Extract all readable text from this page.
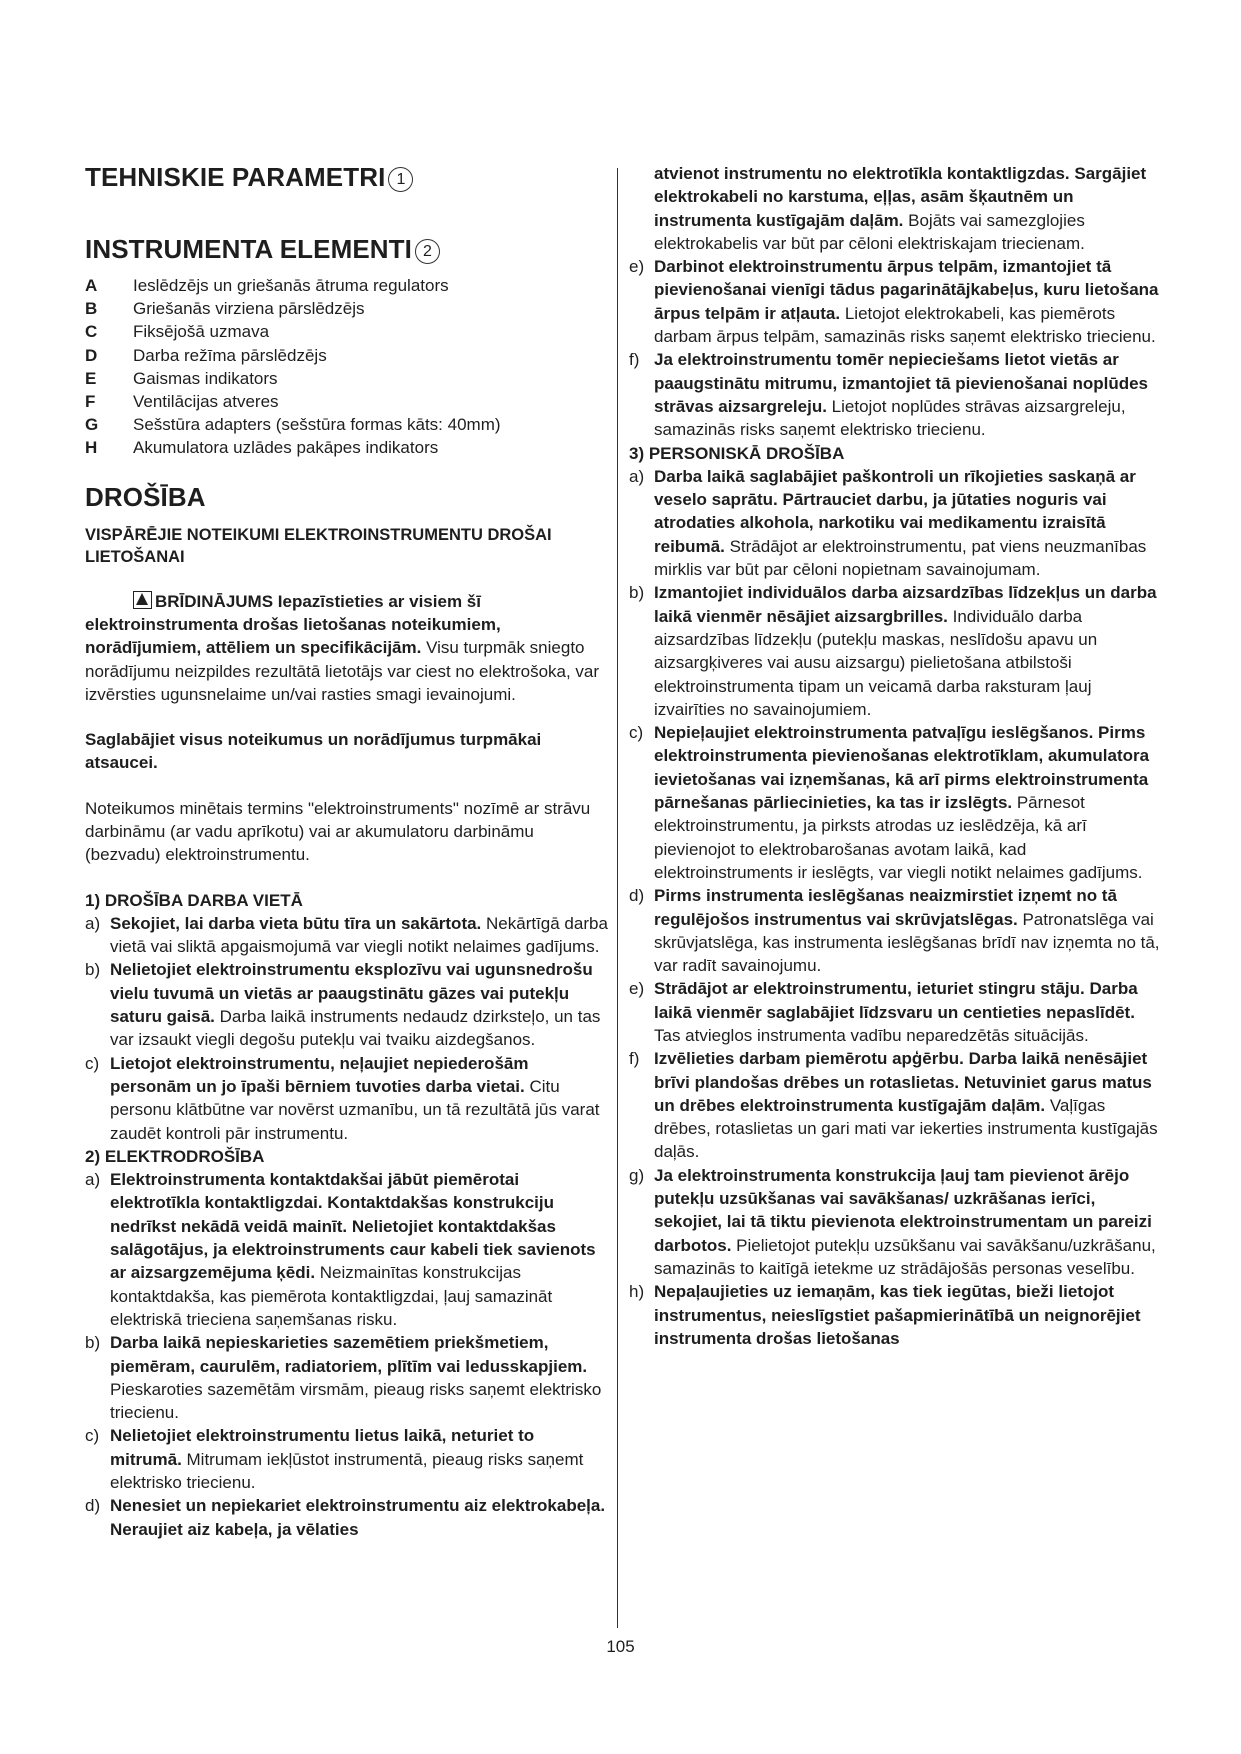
TEHNISKIE PARAMETRI 1
INSTRUMENTA ELEMENTI 2
A	Ieslēdzējs un griešanās ātruma regulators
B	Griešanās virziena pārslēdzējs
C	Fiksējošā uzmava
D	Darba režīma pārslēdzējs
E	Gaismas indikators
F	Ventilācijas atveres
G	Sešstūra adapters (sešstūra formas kāts: 40mm)
H	Akumulatora uzlādes pakāpes indikators
DROŠĪBA
VISPĀRĒJIE NOTEIKUMI ELEKTROINSTRUMENTU DROŠAI LIETOŠANAI

BRĪDINĀJUMS Iepazīstieties ar visiem šī elektroinstrumenta drošas lietošanas noteikumiem, norādījumiem, attēliem un specifikācijām. Visu turpmāk sniegto norādījumu neizpildes rezultātā lietotājs var ciest no elektrošoka, var izvērsties ugunsnelaime un/vai rasties smagi ievainojumi.

Saglabājiet visus noteikumus un norādījumus turpmākai atsaucei.

Noteikumos minētais termins "elektroinstruments" nozīmē ar strāvu darbināmu (ar vadu aprīkotu) vai ar akumulatoru darbināmu (bezvadu) elektroinstrumentu.

1) DROŠĪBA DARBA VIETĀ
a) Sekojiet, lai darba vieta būtu tīra un sakārtota. Nekārtīgā darba vietā vai sliktā apgaismojumā var viegli notikt nelaimes gadījums.
b) Nelietojiet elektroinstrumentu eksplozīvu vai ugunsnedrošu vielu tuvumā un vietās ar paaugstinātu gāzes vai putekļu saturu gaisā. Darba laikā instruments nedaudz dzirksteļo, un tas var izsaukt viegli degošu putekļu vai tvaiku aizdegšanos.
c) Lietojot elektroinstrumentu, neļaujiet nepiederošām personām un jo īpaši bērniem tuvoties darba vietai. Citu personu klātbūtne var novērst uzmanību, un tā rezultātā jūs varat zaudēt kontroli pār instrumentu.
2) ELEKTRODROŠĪBA
a) Elektroinstrumenta kontaktdakšai jābūt piemērotai elektrotīkla kontaktligzdai. Kontaktdakšas konstrukciju nedrīkst nekādā veidā mainīt. Nelietojiet kontaktdakšas salāgotājus, ja elektroinstruments caur kabeli tiek savienots ar aizsargzemējuma ķēdi. Neizmainītas konstrukcijas kontaktdakša, kas piemērota kontaktligzdai, ļauj samazināt elektriskā trieciena saņemšanas risku.
b) Darba laikā nepieskarieties sazemētiem priekšmetiem, piemēram, caurulēm, radiatoriem, plītīm vai ledusskapjiem. Pieskaroties sazemētām virsmām, pieaug risks saņemt elektrisko triecienu.
c) Nelietojiet elektroinstrumentu lietus laikā, neturiet to mitrumā. Mitrumam iekļūstot instrumentā, pieaug risks saņemt elektrisko triecienu.
d) Nenesiet un nepiekariet elektroinstrumentu aiz elektrokabeļa. Neraujiet aiz kabeļa, ja vēlaties
atvienot instrumentu no elektrotīkla kontaktligzdas. Sargājiet elektrokabeli no karstuma, eļļas, asām šķautnēm un instrumenta kustīgajām daļām. Bojāts vai samezglojies elektrokabelis var būt par cēloni elektriskajam triecienam.
e) Darbinot elektroinstrumentu ārpus telpām, izmantojiet tā pievienošanai vienīgi tādus pagarinātājkabeļus, kuru lietošana ārpus telpām ir atļauta. Lietojot elektrokabeli, kas piemērots darbam ārpus telpām, samazinās risks saņemt elektrisko triecienu.
f) Ja elektroinstrumentu tomēr nepieciešams lietot vietās ar paaugstinātu mitrumu, izmantojiet tā pievienošanai noplūdes strāvas aizsargreleju. Lietojot noplūdes strāvas aizsargreleju, samazinās risks saņemt elektrisko triecienu.
3) PERSONISKĀ DROŠĪBA
a) Darba laikā saglabājiet paškontroli un rīkojieties saskaņā ar veselo saprātu. Pārtrauciet darbu, ja jūtaties noguris vai atrodaties alkohola, narkotiku vai medikamentu izraisītā reibumā. Strādājot ar elektroinstrumentu, pat viens neuzmanības mirklis var būt par cēloni nopietnam savainojumam.
b) Izmantojiet individuālos darba aizsardzības līdzekļus un darba laikā vienmēr nēsājiet aizsargbrilles. Individuālo darba aizsardzības līdzekļu (putekļu maskas, neslīdošu apavu un aizsargķiveres vai ausu aizsargu) pielietošana atbilstoši elektroinstrumenta tipam un veicamā darba raksturam ļauj izvairīties no savainojumiem.
c) Nepieļaujiet elektroinstrumenta patvaļīgu ieslēgšanos. Pirms elektroinstrumenta pievienošanas elektrotīklam, akumulatora ievietošanas vai izņemšanas, kā arī pirms elektroinstrumenta pārnešanas pārliecinieties, ka tas ir izslēgts. Pārnesot elektroinstrumentu, ja pirksts atrodas uz ieslēdzēja, kā arī pievienojot to elektrobarošanas avotam laikā, kad elektroinstruments ir ieslēgts, var viegli notikt nelaimes gadījums.
d) Pirms instrumenta ieslēgšanas neaizmirstiet izņemt no tā regulējošos instrumentus vai skrūvjatslēgas. Patronatslēga vai skrūvjatslēga, kas instrumenta ieslēgšanas brīdī nav izņemta no tā, var radīt savainojumu.
e) Strādājot ar elektroinstrumentu, ieturiet stingru stāju. Darba laikā vienmēr saglabājiet līdzsvaru un centieties nepaslīdēt. Tas atvieglos instrumenta vadību neparedzētās situācijās.
f) Izvēlieties darbam piemērotu apģērbu. Darba laikā nenēsājiet brīvi plandošas drēbes un rotaslietas. Netuviniet garus matus un drēbes elektroinstrumenta kustīgajām daļām. Vaļīgas drēbes, rotaslietas un gari mati var iekerties instrumenta kustīgajās daļās.
g) Ja elektroinstrumenta konstrukcija ļauj tam pievienot ārējo putekļu uzsūkšanas vai savākšanas/ uzkrāšanas ierīci, sekojiet, lai tā tiktu pievienota elektroinstrumentam un pareizi darbotos. Pielietojot putekļu uzsūkšanu vai savākšanu/uzkrāšanu, samazinās to kaitīgā ietekme uz strādājošās personas veselību.
h) Nepaļaujieties uz iemaņām, kas tiek iegūtas, bieži lietojot instrumentus, neieslīgstiet pašapmierinātībā un neignorējiet instrumenta drošas lietošanas
105
